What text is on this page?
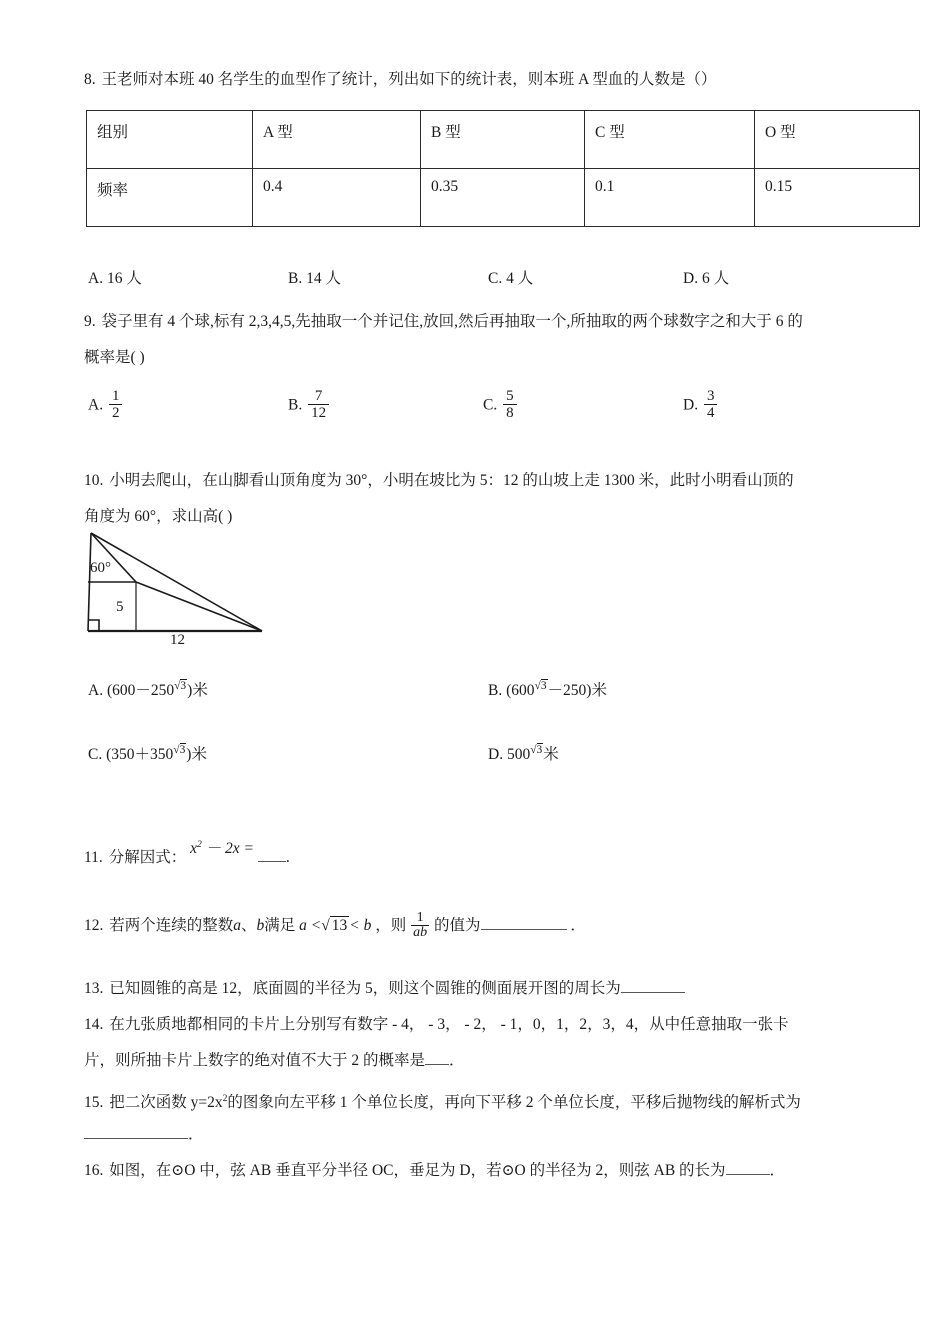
8. 王老师对本班 40 名学生的血型作了统计，列出如下的统计表，则本班 A 型血的人数是（）
组别	A 型	B 型	C 型	O 型
频率	0.4	0.35	0.1	0.15
A. 16 人	B. 14 人	C. 4 人	D. 6 人
9. 袋子里有 4 个球,标有 2,3,4,5,先抽取一个并记住,放回,然后再抽取一个,所抽取的两个球数字之和大于 6 的
概率是( )
A. $\frac{1}{2}$	B. $\frac{7}{12}$	C. $\frac{5}{8}$	D. $\frac{3}{4}$
10. 小明去爬山，在山脚看山顶角度为 30°，小明在坡比为 5：12 的山坡上走 1300 米，此时小明看山顶的
角度为 60°，求山高( )
60°
5
12
A. (600－250√3)米	B. (600√3－250)米
C. (350＋350√3)米	D. 500√3米
11. 分解因式： $x^2 - 2x$ = .
12. 若两个连续的整数a、b满足 a <√ 13 < b ，则 $\frac{1}{ab}$ 的值为	．
13. 已知圆锥的高是 12，底面圆的半径为 5，则这个圆锥的侧面展开图的周长为
14. 在九张质地都相同的卡片上分别写有数字 - 4， - 3， - 2， - 1，0，1，2，3，4，从中任意抽取一张卡
片，则所抽卡片上数字的绝对值不大于 2 的概率是 ．
15. 把二次函数 $y=2x^2$的图象向左平移 1 个单位长度，再向下平移 2 个单位长度，平移后抛物线的解析式为
．
16. 如图，在⊙O 中，弦 AB 垂直平分半径 OC，垂足为 D，若⊙O 的半径为 2，则弦 AB 的长为	．
